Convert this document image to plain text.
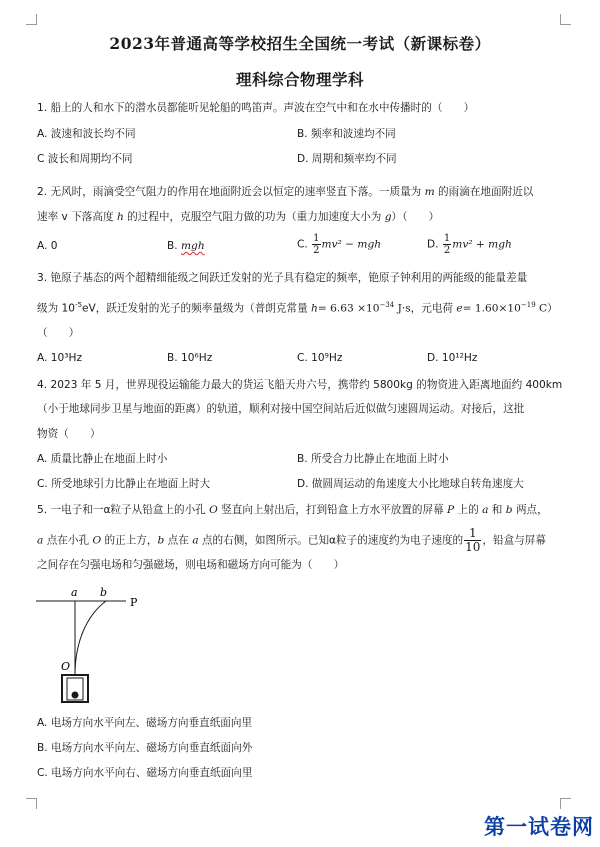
2023年普通高等学校招生全国统一考试（新课标卷）
理科综合物理学科
1. 船上的人和水下的潜水员都能听见轮船的鸣笛声。声波在空气中和在水中传播时的（　　）
A. 波速和波长均不同	B. 频率和波速均不同
C 波长和周期均不同	D. 周期和频率均不同
2. 无风时，雨滴受空气阻力的作用在地面附近会以恒定的速率竖直下落。一质量为 m 的雨滴在地面附近以
速率 v 下落高度 h 的过程中，克服空气阻力做的功为（重力加速度大小为 g）（　　）
A. 0	B. mgh	C. $\frac{1}{2} mv^2$ − mgh	D. $\frac{1}{2} mv^2$ + mgh
3. 铯原子基态的两个超精细能级之间跃迁发射的光子具有稳定的频率，铯原子钟利用的两能级的能量差量
级为 $10^{-5}eV$，跃迁发射的光子的频率量级为（普朗克常量 $h= 6.63 \times 10^{-34}$ J·s，元电荷 $e= 1.60\times 10^{-19}$ C）
（　　）
A. 10³Hz	B. 10⁶Hz	C. 10⁹Hz	D. 10¹²Hz
4. 2023 年 5 月，世界现役运输能力最大的货运飞船天舟六号，携带约 5800kg 的物资进入距离地面约 400km
（小于地球同步卫星与地面的距离）的轨道，顺利对接中国空间站后近似做匀速圆周运动。对接后，这批
物资（　　）
A. 质量比静止在地面上时小	B. 所受合力比静止在地面上时小
C. 所受地球引力比静止在地面上时大	D. 做圆周运动的角速度大小比地球自转角速度大
5. 一电子和一α粒子从铅盒上的小孔 O 竖直向上射出后，打到铅盒上方水平放置的屏幕 P 上的 a 和 b 两点，
a 点在小孔 O 的正上方，b 点在 a 点的右侧，如图所示。已知α粒子的速度约为电子速度的 $\frac{1}{10}$ ，铅盒与屏幕
之间存在匀强电场和匀强磁场，则电场和磁场方向可能为（　　）
a b
P
O
A. 电场方向水平向左、磁场方向垂直纸面向里
B. 电场方向水平向左、磁场方向垂直纸面向外
C. 电场方向水平向右、磁场方向垂直纸面向里
第一试卷网
